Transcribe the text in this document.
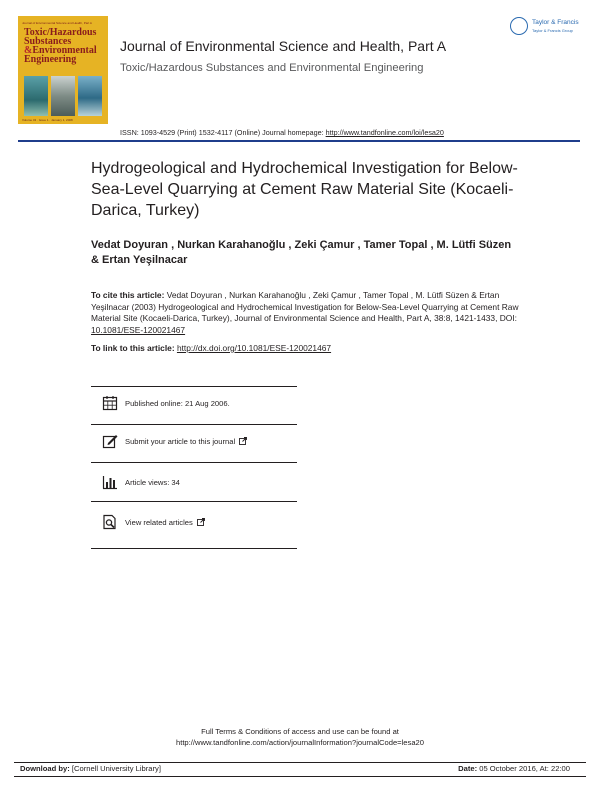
Journal of Environmental Science and Health, Part A
Toxic/Hazardous
Substances
&Environmental
Engineering
Volume 43 · Issue 1 · January 1, 2008
Journal of Environmental Science and Health, Part A
Toxic/Hazardous Substances and Environmental Engineering
ISSN: 1093-4529 (Print) 1532-4117 (Online) Journal homepage: http://www.tandfonline.com/loi/lesa20
Taylor & Francis
Taylor & Francis Group
Hydrogeological and Hydrochemical Investigation for Below-Sea-Level Quarrying at Cement Raw Material Site (Kocaeli-Darica, Turkey)
Vedat Doyuran , Nurkan Karahanoğlu , Zeki Çamur , Tamer Topal , M. Lütfi Süzen & Ertan Yeşilnacar
To cite this article: Vedat Doyuran , Nurkan Karahanoğlu , Zeki Çamur , Tamer Topal , M. Lütfi Süzen & Ertan Yeşilnacar (2003) Hydrogeological and Hydrochemical Investigation for Below-Sea-Level Quarrying at Cement Raw Material Site (Kocaeli-Darica, Turkey), Journal of Environmental Science and Health, Part A, 38:8, 1421-1433, DOI: 10.1081/ESE-120021467
To link to this article: http://dx.doi.org/10.1081/ESE-120021467
Published online: 21 Aug 2006.
Submit your article to this journal
Article views: 34
View related articles
Full Terms & Conditions of access and use can be found at
http://www.tandfonline.com/action/journalInformation?journalCode=lesa20
Download by: [Cornell University Library]	Date: 05 October 2016, At: 22:00
